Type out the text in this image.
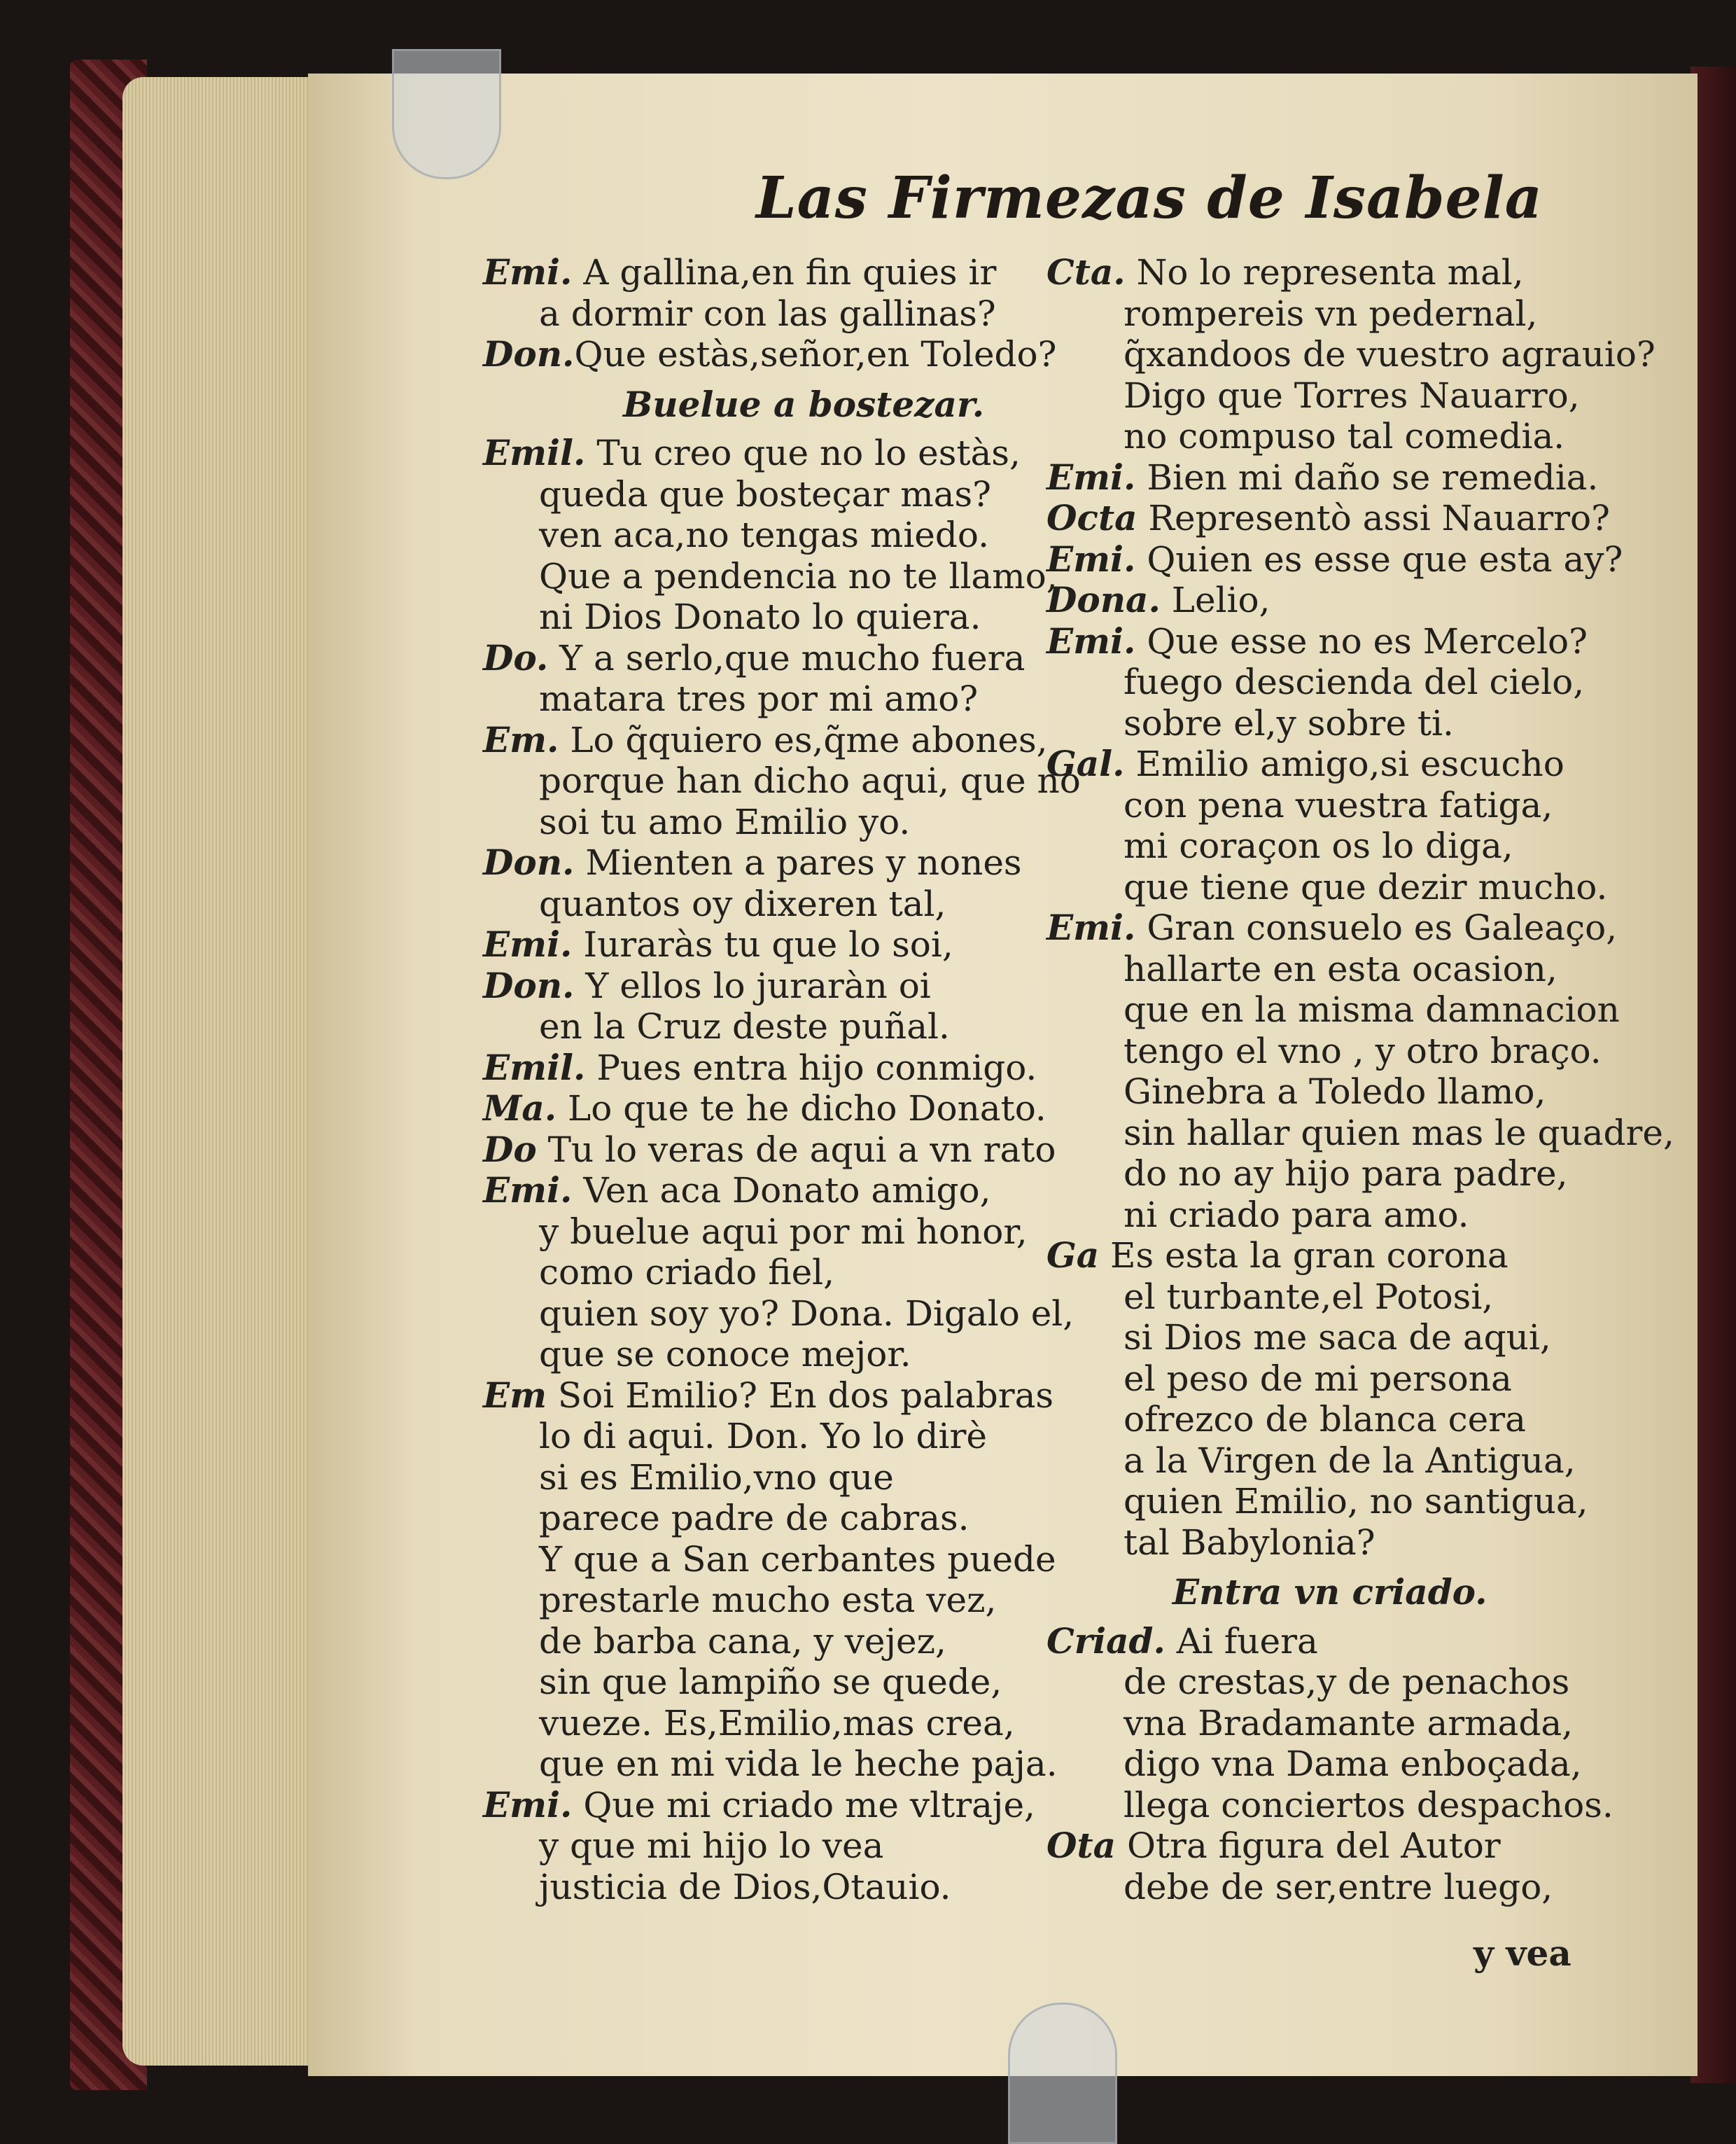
Las Firmezas de Isabela
Emi. A gallina,en fin quies ir
a dormir con las gallinas?
Don.Que estàs,señor,en Toledo?
Buelue a bostezar.
Emil. Tu creo que no lo estàs,
queda que bosteçar mas?
ven aca,no tengas miedo.
Que a pendencia no te llamo,
ni Dios Donato lo quiera.
Do. Y a serlo,que mucho fuera
matara tres por mi amo?
Em. Lo q̃quiero es,q̃me abones,
porque han dicho aqui, que no
soi tu amo Emilio yo.
Don. Mienten a pares y nones
quantos oy dixeren tal,
Emi. Iuraràs tu que lo soi,
Don. Y ellos lo juraràn oi
en la Cruz deste puñal.
Emil. Pues entra hijo conmigo.
Ma. Lo que te he dicho Donato.
Do Tu lo veras de aqui a vn rato
Emi. Ven aca Donato amigo,
y buelue aqui por mi honor,
como criado fiel,
quien soy yo? Dona. Digalo el,
que se conoce mejor.
Em Soi Emilio? En dos palabras
lo di aqui. Don. Yo lo dirè
si es Emilio,vno que
parece padre de cabras.
Y que a San cerbantes puede
prestarle mucho esta vez,
de barba cana, y vejez,
sin que lampiño se quede,
vueze. Es,Emilio,mas crea,
que en mi vida le heche paja.
Emi. Que mi criado me vltraje,
y que mi hijo lo vea
justicia de Dios,Otauio.
Cta. No lo representa mal,
rompereis vn pedernal,
q̃xandoos de vuestro agrauio?
Digo que Torres Nauarro,
no compuso tal comedia.
Emi. Bien mi daño se remedia.
Octa Representò assi Nauarro?
Emi. Quien es esse que esta ay?
Dona. Lelio,
Emi. Que esse no es Mercelo?
fuego descienda del cielo,
sobre el,y sobre ti.
Gal. Emilio amigo,si escucho
con pena vuestra fatiga,
mi coraçon os lo diga,
que tiene que dezir mucho.
Emi. Gran consuelo es Galeaço,
hallarte en esta ocasion,
que en la misma damnacion
tengo el vno , y otro braço.
Ginebra a Toledo llamo,
sin hallar quien mas le quadre,
do no ay hijo para padre,
ni criado para amo.
Ga Es esta la gran corona
el turbante,el Potosi,
si Dios me saca de aqui,
el peso de mi persona
ofrezco de blanca cera
a la Virgen de la Antigua,
quien Emilio, no santigua,
tal Babylonia?
Entra vn criado.
Criad. Ai fuera
de crestas,y de penachos
vna Bradamante armada,
digo vna Dama enboçada,
llega conciertos despachos.
Ota Otra figura del Autor
debe de ser,entre luego,
y vea
